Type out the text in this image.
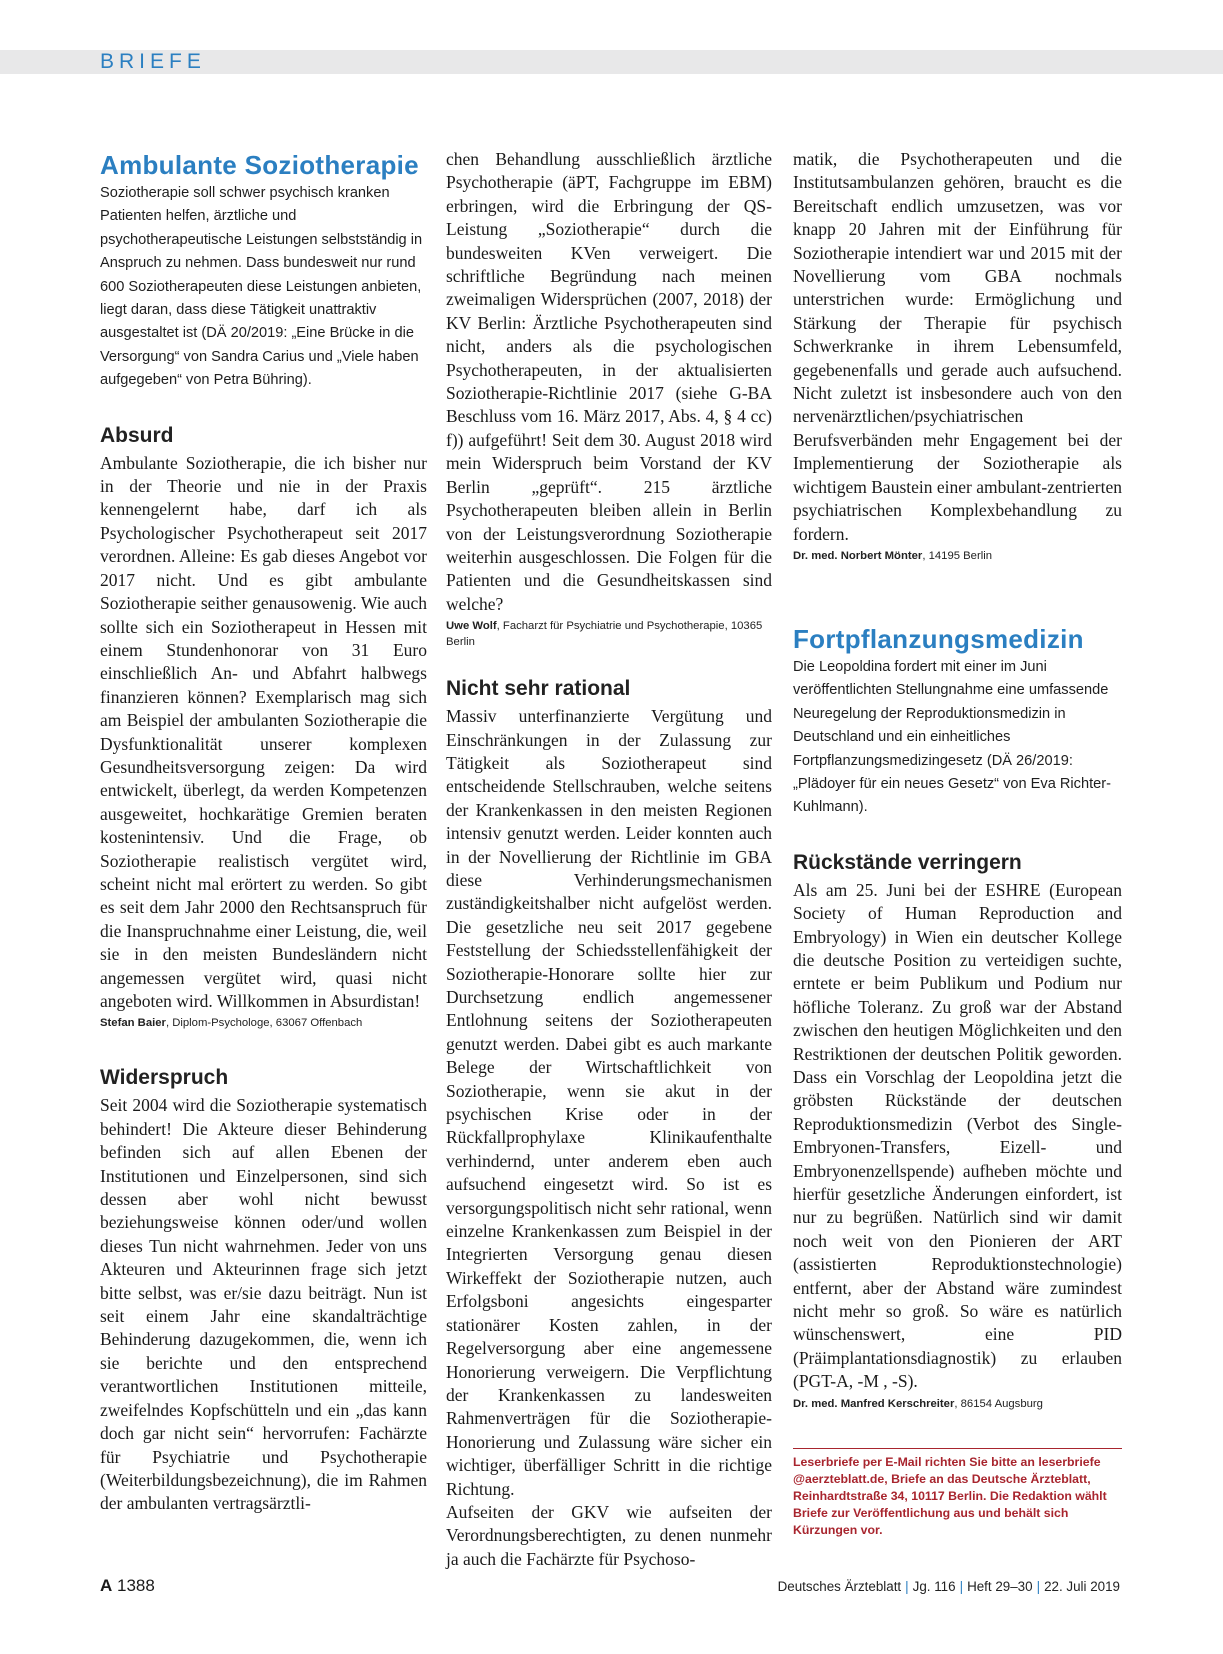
BRIEFE
Ambulante Soziotherapie

Soziotherapie soll schwer psychisch kranken Patienten helfen, ärztliche und psychotherapeutische Leistungen selbstständig in Anspruch zu nehmen. Dass bundesweit nur rund 600 Soziotherapeuten diese Leistungen anbieten, liegt daran, dass diese Tätigkeit unattraktiv ausgestaltet ist (DÄ 20/2019: „Eine Brücke in die Versorgung“ von Sandra Carius und „Viele haben aufgegeben“ von Petra Bühring).

Absurd

Ambulante Soziotherapie, die ich bisher nur in der Theorie und nie in der Praxis kennengelernt habe, darf ich als Psychologischer Psychotherapeut seit 2017 verordnen. Alleine: Es gab dieses Angebot vor 2017 nicht. Und es gibt ambulante Soziotherapie seither genausowenig. Wie auch sollte sich ein Soziotherapeut in Hessen mit einem Stundenhonorar von 31 Euro einschließlich An- und Abfahrt halbwegs finanzieren können? Exemplarisch mag sich am Beispiel der ambulanten Soziotherapie die Dysfunktionalität unserer komplexen Gesundheitsversorgung zeigen: Da wird entwickelt, überlegt, da werden Kompetenzen ausgeweitet, hochkarätige Gremien beraten kostenintensiv. Und die Frage, ob Soziotherapie realistisch vergütet wird, scheint nicht mal erörtert zu werden. So gibt es seit dem Jahr 2000 den Rechtsanspruch für die Inanspruchnahme einer Leistung, die, weil sie in den meisten Bundesländern nicht angemessen vergütet wird, quasi nicht angeboten wird. Willkommen in Absurdistan!

Stefan Baier, Diplom-Psychologe, 63067 Offenbach

Widerspruch

Seit 2004 wird die Soziotherapie systematisch behindert! Die Akteure dieser Behinderung befinden sich auf allen Ebenen der Institutionen und Einzelpersonen, sind sich dessen aber wohl nicht bewusst beziehungsweise können oder/und wollen dieses Tun nicht wahrnehmen. Jeder von uns Akteuren und Akteurinnen frage sich jetzt bitte selbst, was er/sie dazu beiträgt. Nun ist seit einem Jahr eine skandalträchtige Behinderung dazugekommen, die, wenn ich sie berichte und den entsprechend verantwortlichen Institutionen mitteile, zweifelndes Kopfschütteln und ein „das kann doch gar nicht sein“ hervorrufen: Fachärzte für Psychiatrie und Psychotherapie (Weiterbildungsbezeichnung), die im Rahmen der ambulanten vertragsärztli-

chen Behandlung ausschließlich ärztliche Psychotherapie (äPT, Fachgruppe im EBM) erbringen, wird die Erbringung der QS-Leistung „Soziotherapie“ durch die bundesweiten KVen verweigert. Die schriftliche Begründung nach meinen zweimaligen Widersprüchen (2007, 2018) der KV Berlin: Ärztliche Psychotherapeuten sind nicht, anders als die psychologischen Psychotherapeuten, in der aktualisierten Soziotherapie-Richtlinie 2017 (siehe G-BA Beschluss vom 16. März 2017, Abs. 4, § 4 cc) f)) aufgeführt! Seit dem 30. August 2018 wird mein Widerspruch beim Vorstand der KV Berlin „geprüft“. 215 ärztliche Psychotherapeuten bleiben allein in Berlin von der Leistungsverordnung Soziotherapie weiterhin ausgeschlossen. Die Folgen für die Patienten und die Gesundheitskassen sind welche?

Uwe Wolf, Facharzt für Psychiatrie und Psychotherapie, 10365 Berlin

Nicht sehr rational

Massiv unterfinanzierte Vergütung und Einschränkungen in der Zulassung zur Tätigkeit als Soziotherapeut sind entscheidende Stellschrauben, welche seitens der Krankenkassen in den meisten Regionen intensiv genutzt werden. Leider konnten auch in der Novellierung der Richtlinie im GBA diese Verhinderungsmechanismen zuständigkeitshalber nicht aufgelöst werden. Die gesetzliche neu seit 2017 gegebene Feststellung der Schiedsstellenfähigkeit der Soziotherapie-Honorare sollte hier zur Durchsetzung endlich angemessener Entlohnung seitens der Soziotherapeuten genutzt werden. Dabei gibt es auch markante Belege der Wirtschaftlichkeit von Soziotherapie, wenn sie akut in der psychischen Krise oder in der Rückfallprophylaxe Klinikaufenthalte verhindernd, unter anderem eben auch aufsuchend eingesetzt wird. So ist es versorgungspolitisch nicht sehr rational, wenn einzelne Krankenkassen zum Beispiel in der Integrierten Versorgung genau diesen Wirkeffekt der Soziotherapie nutzen, auch Erfolgsboni angesichts eingesparter stationärer Kosten zahlen, in der Regelversorgung aber eine angemessene Honorierung verweigern. Die Verpflichtung der Krankenkassen zu landesweiten Rahmenverträgen für die Soziotherapie-Honorierung und Zulassung wäre sicher ein wichtiger, überfälliger Schritt in die richtige Richtung.

Aufseiten der GKV wie aufseiten der Verordnungsberechtigten, zu denen nunmehr ja auch die Fachärzte für Psychoso-

matik, die Psychotherapeuten und die Institutsambulanzen gehören, braucht es die Bereitschaft endlich umzusetzen, was vor knapp 20 Jahren mit der Einführung für Soziotherapie intendiert war und 2015 mit der Novellierung vom GBA nochmals unterstrichen wurde: Ermöglichung und Stärkung der Therapie für psychisch Schwerkranke in ihrem Lebensumfeld, gegebenenfalls und gerade auch aufsuchend. Nicht zuletzt ist insbesondere auch von den nervenärztlichen/psychiatrischen Berufsverbänden mehr Engagement bei der Implementierung der Soziotherapie als wichtigem Baustein einer ambulant-zentrierten psychiatrischen Komplexbehandlung zu fordern.

Dr. med. Norbert Mönter, 14195 Berlin

Fortpflanzungsmedizin

Die Leopoldina fordert mit einer im Juni veröffentlichten Stellungnahme eine umfassende Neuregelung der Reproduktionsmedizin in Deutschland und ein einheitliches Fortpflanzungsmedizingesetz (DÄ 26/2019: „Plädoyer für ein neues Gesetz“ von Eva Richter-Kuhlmann).

Rückstände verringern

Als am 25. Juni bei der ESHRE (European Society of Human Reproduction and Embryology) in Wien ein deutscher Kollege die deutsche Position zu verteidigen suchte, erntete er beim Publikum und Podium nur höfliche Toleranz. Zu groß war der Abstand zwischen den heutigen Möglichkeiten und den Restriktionen der deutschen Politik geworden. Dass ein Vorschlag der Leopoldina jetzt die gröbsten Rückstände der deutschen Reproduktionsmedizin (Verbot des Single-Embryonen-Transfers, Eizell- und Embryonenzellspende) aufheben möchte und hierfür gesetzliche Änderungen einfordert, ist nur zu begrüßen. Natürlich sind wir damit noch weit von den Pionieren der ART (assistierten Reproduktionstechnologie) entfernt, aber der Abstand wäre zumindest nicht mehr so groß. So wäre es natürlich wünschenswert, eine PID (Präimplantationsdiagnostik) zu erlauben (PGT-A, -M , -S).

Dr. med. Manfred Kerschreiter, 86154 Augsburg

Leserbriefe per E-Mail richten Sie bitte an leserbriefe @aerzteblatt.de, Briefe an das Deutsche Ärzteblatt, Reinhardtstraße 34, 10117 Berlin. Die Redaktion wählt Briefe zur Veröffentlichung aus und behält sich Kürzungen vor.

A 1388	Deutsches Ärzteblatt | Jg. 116 | Heft 29–30 | 22. Juli 2019
